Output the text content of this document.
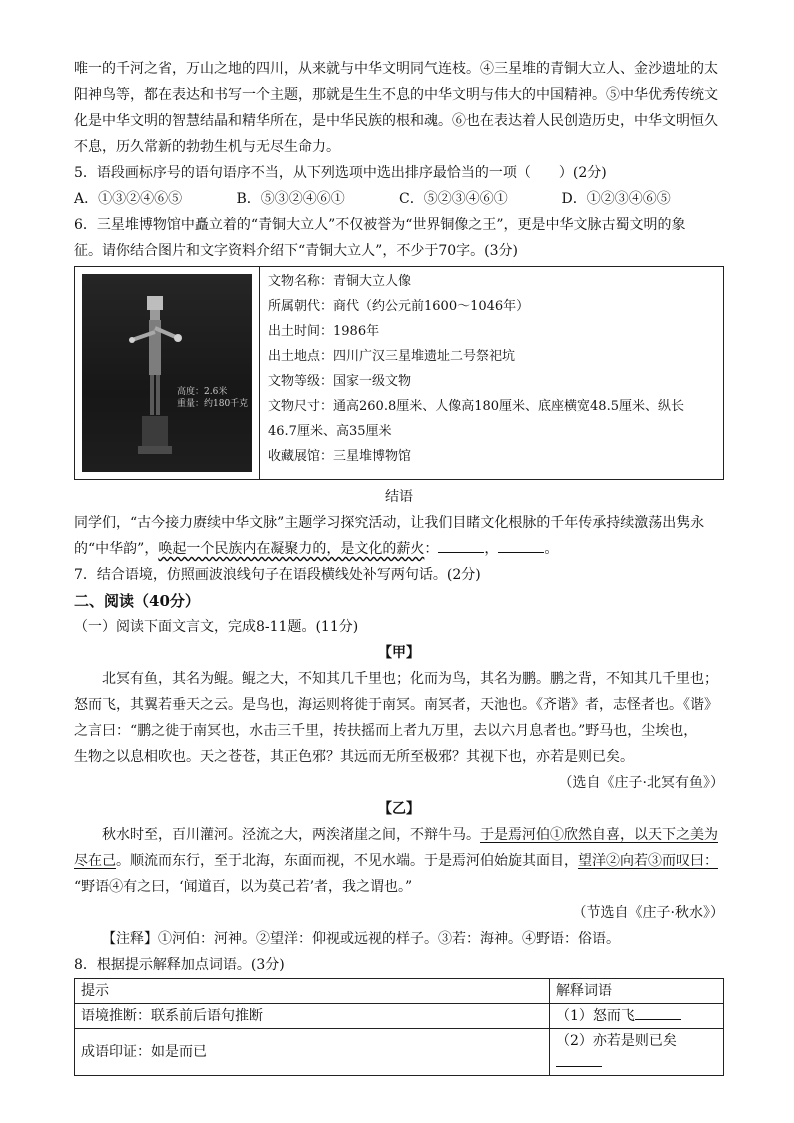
唯一的千河之省，万山之地的四川，从来就与中华文明同气连枝。④三星堆的青铜大立人、金沙遗址的太

阳神鸟等，都在表达和书写一个主题，那就是生生不息的中华文明与伟大的中国精神。⑤中华优秀传统文

化是中华文明的智慧结晶和精华所在，是中华民族的根和魂。⑥也在表达着人民创造历史，中华文明恒久

不息，历久常新的勃勃生机与无尽生命力。

5．语段画标序号的语句语序不当，从下列选项中选出排序最恰当的一项（　　）(2分)

A．①③②④⑥⑤	B．⑤③②④⑥①	C．⑤②③④⑥①	D．①②③④⑥⑤

6．三星堆博物馆中矗立着的“青铜大立人”不仅被誉为“世界铜像之王”，更是中华文脉古蜀文明的象

征。请你结合图片和文字资料介绍下“青铜大立人”，不少于70字。(3分)

高度：2.6米
重量：约180千克

文物名称：青铜大立人像

所属朝代：商代（约公元前1600～1046年）

出土时间：1986年

出土地点：四川广汉三星堆遗址二号祭祀坑

文物等级：国家一级文物

文物尺寸：通高260.8厘米、人像高180厘米、底座横宽48.5厘米、纵长

46.7厘米、高35厘米

收藏展馆：三星堆博物馆

结语

同学们，“古今接力赓续中华文脉”主题学习探究活动，让我们目睹文化根脉的千年传承持续激荡出隽永

的“中华韵”，唤起一个民族内在凝聚力的，是文化的薪火：	，	。

7．结合语境，仿照画波浪线句子在语段横线处补写两句话。(2分)

二、阅读（40分）

（一）阅读下面文言文，完成8-11题。(11分)

【甲】

北冥有鱼，其名为鲲。鲲之大，不知其几千里也；化而为鸟，其名为鹏。鹏之背，不知其几千里也；

怒而飞，其翼若垂天之云。是鸟也，海运则将徙于南冥。南冥者，天池也。《齐谐》者，志怪者也。《谐》

之言曰：“鹏之徙于南冥也，水击三千里，抟扶摇而上者九万里，去以六月息者也。”野马也，尘埃也，

生物之以息相吹也。天之苍苍，其正色邪？其远而无所至极邪？其视下也，亦若是则已矣。

（选自《庄子·北冥有鱼》）

【乙】

秋水时至，百川灌河。泾流之大，两涘渚崖之间，不辩牛马。于是焉河伯①欣然自喜，以天下之美为

尽在己。顺流而东行，至于北海，东面而视，不见水端。于是焉河伯始旋其面目，望洋②向若③而叹曰：

“野语④有之曰，‘闻道百，以为莫己若’者，我之谓也。”

（节选自《庄子·秋水》）

【注释】①河伯：河神。②望洋：仰视或远视的样子。③若：海神。④野语：俗语。

8．根据提示解释加点词语。(3分)

提示	解释词语
语境推断：联系前后语句推断	（1）怒而飞
成语印证：如是而已	（2）亦若是则已矣
